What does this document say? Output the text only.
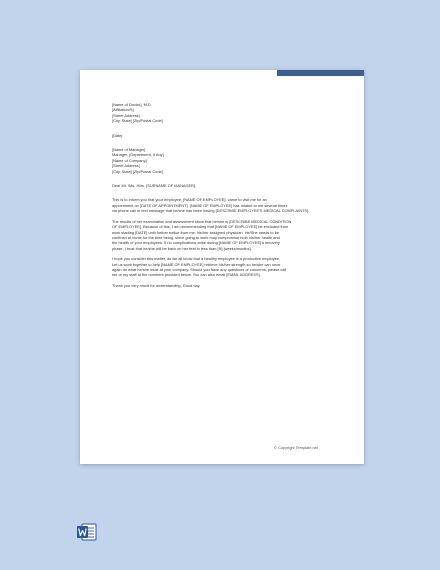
[Name of Doctor], M.D.

[Affiliation/S]

[Street Address]

[City, State] [Zip/Postal Code]

[Date]

[Name of Manager]

Manager, [Department, If Any]

[Name of Company]

[Street Address]

[City, State] [Zip/Postal Code]

Dear Mr. /Ms. /Mrs. [SURNAME OF MANAGER],

This is to inform you that your employee, [NAME OF EMPLOYEE], came to visit me for an

appointment on [DATE OF APPOINTMENT]. [NAME OF EMPLOYEE] has related to me several times

via phone call or text message that he/she has been having [DESCRIBE EMPLOYEE'S MEDICAL COMPLAINTS].

The results of her examination and assessment show that he/she is [DESCRIBE MEDICAL CONDITION

OF EMPLOYEE]. Because of this, I am recommending that [NAME OF EMPLOYEE] be excluded from

work starting [DATE] until further notice from me, his/her assigned physician. He/She needs to be

confined at home for the time being, since going to work may compromise both his/her health and

the health of your employees. If no complications arise during [NAME OF EMPLOYEE]'s recovery

phase, I trust that he/she will be back on her feet in less than [N] [weeks/months].

I hope you consider this matter, as we all know that a healthy employee is a productive employee.

Let us work together to help [NAME OF EMPLOYEE] retrieve his/her strength so he/she can once

again do what he/she must at your company. Should you have any questions or concerns, please call

me or my staff at the numbers provided below. You can also email [EMAIL ADDRESS].

Thank you very much for understanding. Good day.

© Copyright Template.net
